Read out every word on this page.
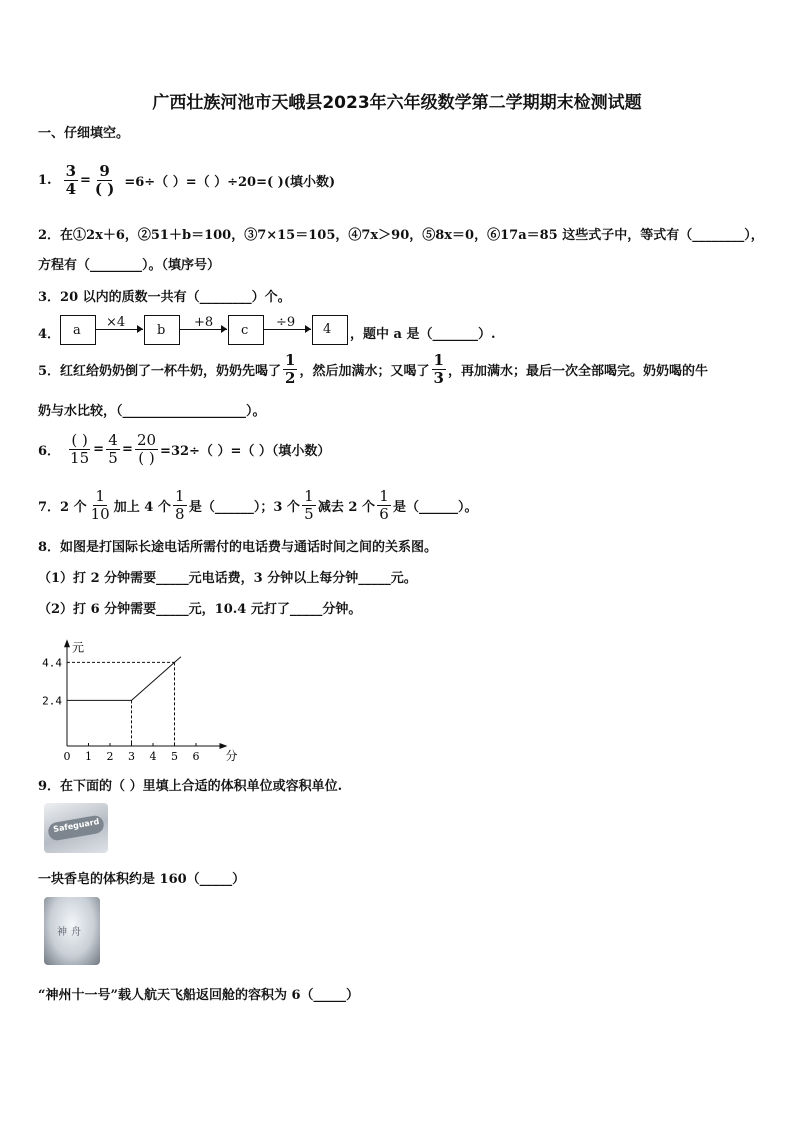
广西壮族河池市天峨县2023年六年级数学第二学期期末检测试题
一、仔细填空。
1. $\frac{3}{4} = \frac{9}{( )} =6\div$（ ）=（ ）÷20=( )(填小数)
2．在①2x＋6，②51＋b＝100，③7×15＝105，④7x＞90，⑤8x＝0，⑥17a＝85 这些式子中，等式有（________），
方程有（________）。（填序号）
3．20 以内的质数一共有（________）个。
4． a
×4
b
+8
c
÷9 4 ，题中 a 是（_______）.
5．红红给奶奶倒了一杯牛奶，奶奶先喝了 $\frac{1}{2}$ ，然后加满水；又喝了 $\frac{1}{3}$ ，再加满水；最后一次全部喝完。奶奶喝的牛
奶与水比较，（___________________）。
6． $\frac{( )}{15} = \frac{4}{5} = \frac{20}{( )} =32\div$（ ）=（ ）（填小数）
7．2 个 $\frac{1}{10}$ 加上 4 个 $\frac{1}{8}$ 是（______）；3 个 $\frac{1}{5}$ 减去 2 个 $\frac{1}{6}$ 是（______）。
8．如图是打国际长途电话所需付的电话费与通话时间之间的关系图。
（1）打 2 分钟需要_____元电话费，3 分钟以上每分钟_____元。
（2）打 6 分钟需要_____元，10.4 元打了_____分钟。
0 1 2 3 4 5 6 分
元
2.4
4.4
9．在下面的（ ）里填上合适的体积单位或容积单位.
Safeguard
一块香皂的体积约是 160（_____）
神舟
“神州十一号”载人航天飞船返回舱的容积为 6（_____）
